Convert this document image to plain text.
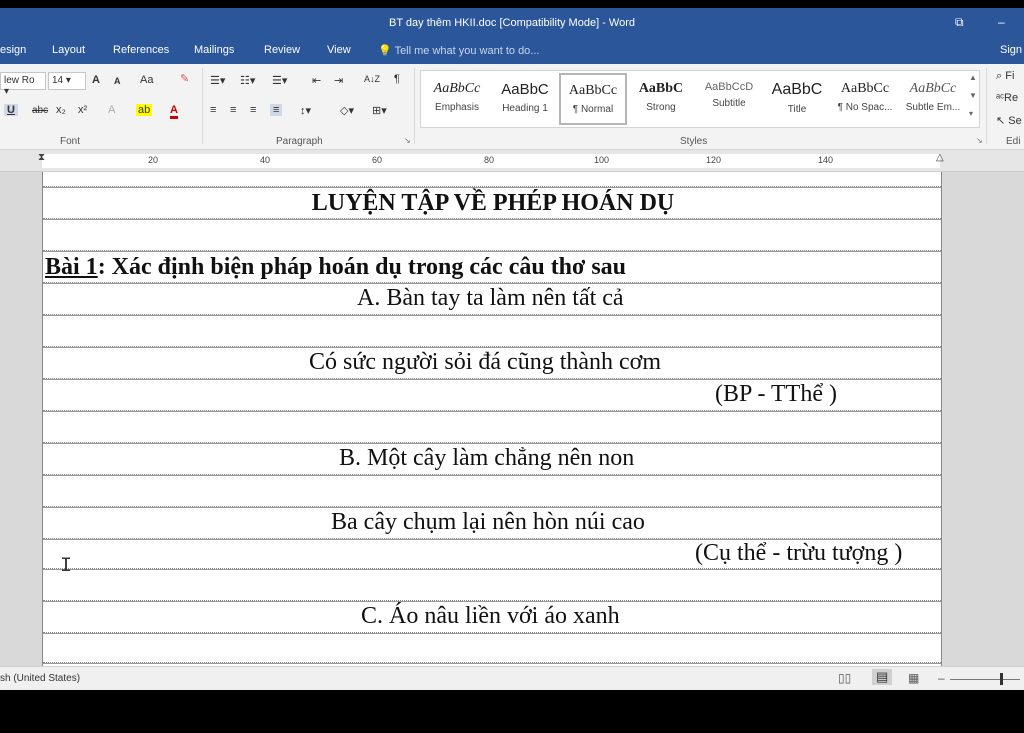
BT day thêm HKII.doc [Compatibility Mode] - Word	⧉	–
esign Layout	References Mailings	Review View 💡 Tell me what you want to do...	Sign
lew Ro ▾
14 ▾	A A Aa ✎
U	abc x₂ x² A ab A
Font
☰▾ ☷▾ ☰▾ ⇤ ⇥ A↓Z ¶
≡ ≡ ≡ ≡ ↕▾	◇▾ ⊞▾
Paragraph	↘
AaBbCc
Emphasis
AaBbC
Heading 1
AaBbCc
¶ Normal
AaBbC
Strong
AaBbCcD
Subtitle
AaBbC
Title
AaBbCc
¶ No Spac...
AaBbCc
Subtle Em...
▲
▼
▾
Styles	↘
⌕ Fi
ᵃᶜRe
↖ Se
Edi
20	40	60	80	100	120	140
⧗	△
LUYỆN TẬP VỀ PHÉP HOÁN DỤ
Bài 1: Xác định biện pháp hoán dụ trong các câu thơ sau
A. Bàn tay ta làm nên tất cả
Có sức người sỏi đá cũng thành cơm
(BP - TThể )
B. Một cây làm chẳng nên non
Ba cây chụm lại nên hòn núi cao
(Cụ thể - trừu tượng )
C. Áo nâu liền với áo xanh
I
sh (United States)	▯▯	▤	▦ –
